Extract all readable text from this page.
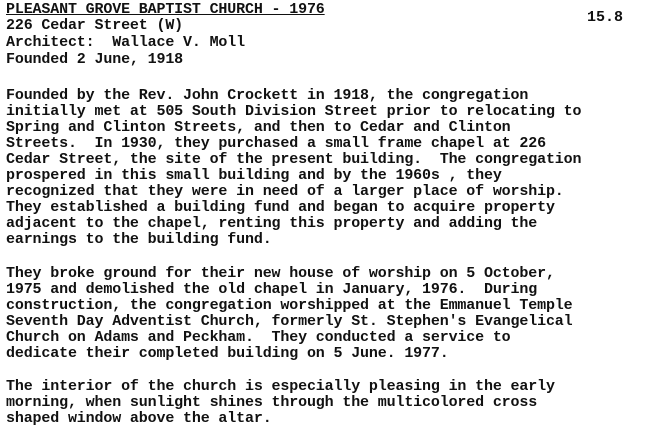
PLEASANT GROVE BAPTIST CHURCH - 1976	15.8
226 Cedar Street (W)
Architect:  Wallace V. Moll
Founded 2 June, 1918
Founded by the Rev. John Crockett in 1918, the congregation
initially met at 505 South Division Street prior to relocating to
Spring and Clinton Streets, and then to Cedar and Clinton
Streets.  In 1930, they purchased a small frame chapel at 226
Cedar Street, the site of the present building.  The congregation
prospered in this small building and by the 1960s , they
recognized that they were in need of a larger place of worship.
They established a building fund and began to acquire property
adjacent to the chapel, renting this property and adding the
earnings to the building fund.
They broke ground for their new house of worship on 5 October,
1975 and demolished the old chapel in January, 1976.  During
construction, the congregation worshipped at the Emmanuel Temple
Seventh Day Adventist Church, formerly St. Stephen's Evangelical
Church on Adams and Peckham.  They conducted a service to
dedicate their completed building on 5 June. 1977.
The interior of the church is especially pleasing in the early
morning, when sunlight shines through the multicolored cross
shaped window above the altar.
